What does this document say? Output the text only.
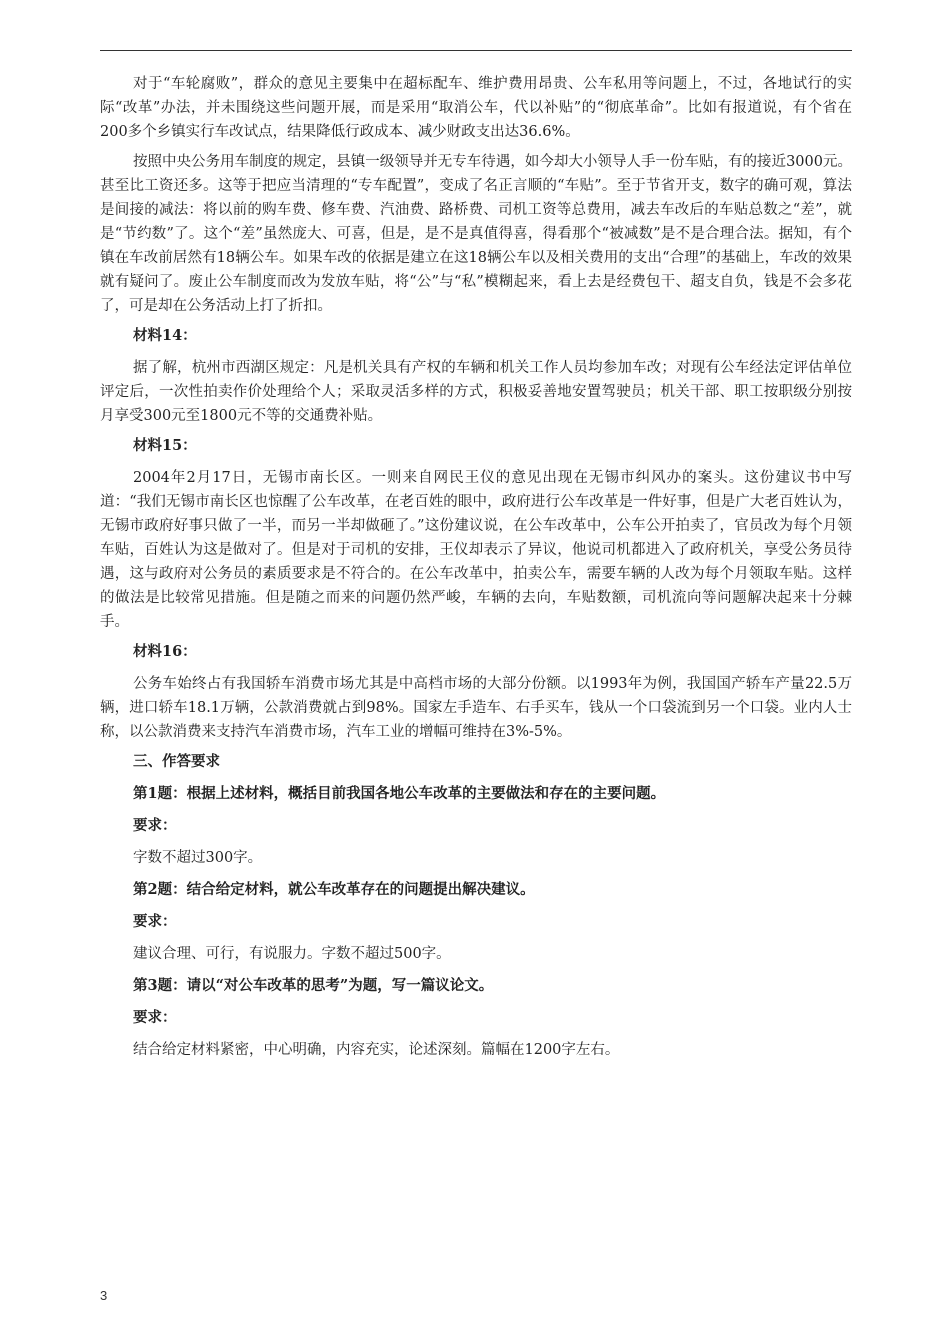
对于“车轮腐败”，群众的意见主要集中在超标配车、维护费用昂贵、公车私用等问题上，不过，各地试行的实际“改革”办法，并未围绕这些问题开展，而是采用“取消公车，代以补贴”的“彻底革命”。比如有报道说，有个省在200多个乡镇实行车改试点，结果降低行政成本、减少财政支出达36.6%。

按照中央公务用车制度的规定，县镇一级领导并无专车待遇，如今却大小领导人手一份车贴，有的接近3000元。甚至比工资还多。这等于把应当清理的“专车配置”，变成了名正言顺的“车贴”。至于节省开支，数字的确可观，算法是间接的减法：将以前的购车费、修车费、汽油费、路桥费、司机工资等总费用，减去车改后的车贴总数之“差”，就是“节约数”了。这个“差”虽然庞大、可喜，但是，是不是真值得喜，得看那个“被减数”是不是合理合法。据知，有个镇在车改前居然有18辆公车。如果车改的依据是建立在这18辆公车以及相关费用的支出“合理”的基础上，车改的效果就有疑问了。废止公车制度而改为发放车贴，将“公”与“私”模糊起来，看上去是经费包干、超支自负，钱是不会多花了，可是却在公务活动上打了折扣。

材料14：

据了解，杭州市西湖区规定：凡是机关具有产权的车辆和机关工作人员均参加车改；对现有公车经法定评估单位评定后，一次性拍卖作价处理给个人；采取灵活多样的方式，积极妥善地安置驾驶员；机关干部、职工按职级分别按月享受300元至1800元不等的交通费补贴。

材料15：

2004年2月17日，无锡市南长区。一则来自网民王仪的意见出现在无锡市纠风办的案头。这份建议书中写道：“我们无锡市南长区也惊醒了公车改革，在老百姓的眼中，政府进行公车改革是一件好事，但是广大老百姓认为，无锡市政府好事只做了一半，而另一半却做砸了。”这份建议说，在公车改革中，公车公开拍卖了，官员改为每个月领车贴，百姓认为这是做对了。但是对于司机的安排，王仪却表示了异议，他说司机都进入了政府机关，享受公务员待遇，这与政府对公务员的素质要求是不符合的。在公车改革中，拍卖公车，需要车辆的人改为每个月领取车贴。这样的做法是比较常见措施。但是随之而来的问题仍然严峻，车辆的去向，车贴数额，司机流向等问题解决起来十分棘手。

材料16：

公务车始终占有我国轿车消费市场尤其是中高档市场的大部分份额。以1993年为例，我国国产轿车产量22.5万辆，进口轿车18.1万辆，公款消费就占到98%。国家左手造车、右手买车，钱从一个口袋流到另一个口袋。业内人士称，以公款消费来支持汽车消费市场，汽车工业的增幅可维持在3%-5%。

三、作答要求

第1题：根据上述材料，概括目前我国各地公车改革的主要做法和存在的主要问题。

要求：

字数不超过300字。

第2题：结合给定材料，就公车改革存在的问题提出解决建议。

要求：

建议合理、可行，有说服力。字数不超过500字。

第3题：请以“对公车改革的思考”为题，写一篇议论文。

要求：

结合给定材料紧密，中心明确，内容充实，论述深刻。篇幅在1200字左右。

3
